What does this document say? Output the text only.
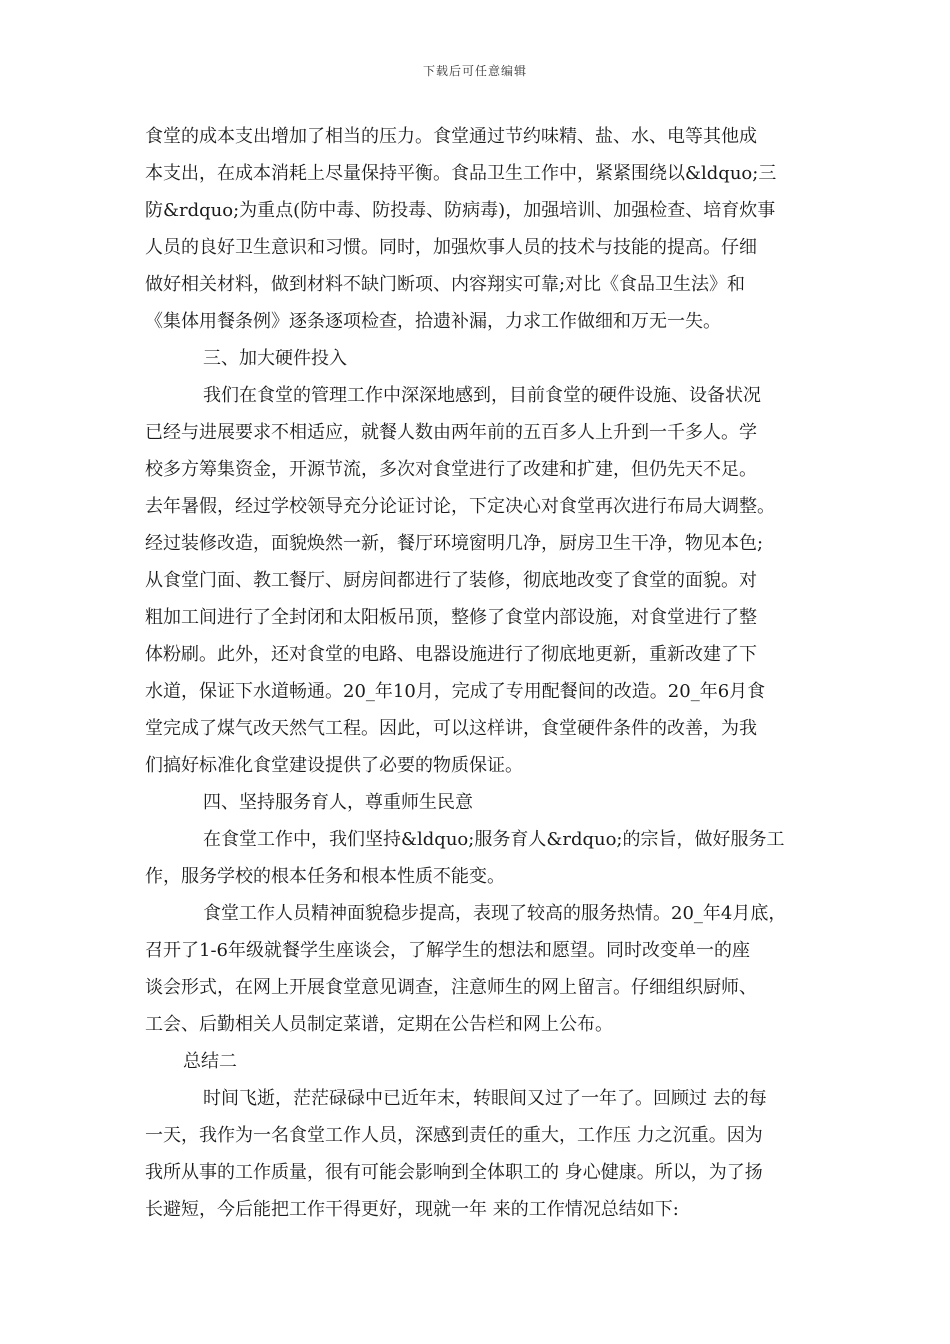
下载后可任意编辑
食堂的成本支出增加了相当的压力。食堂通过节约味精、盐、水、电等其他成
本支出，在成本消耗上尽量保持平衡。食品卫生工作中，紧紧围绕以&ldquo;三
防&rdquo;为重点(防中毒、防投毒、防病毒)，加强培训、加强检查、培育炊事
人员的良好卫生意识和习惯。同时，加强炊事人员的技术与技能的提高。仔细
做好相关材料，做到材料不缺门断项、内容翔实可靠;对比《食品卫生法》和
《集体用餐条例》逐条逐项检查，拾遗补漏，力求工作做细和万无一失。
三、加大硬件投入
我们在食堂的管理工作中深深地感到，目前食堂的硬件设施、设备状况
已经与进展要求不相适应，就餐人数由两年前的五百多人上升到一千多人。学
校多方筹集资金，开源节流，多次对食堂进行了改建和扩建，但仍先天不足。
去年暑假，经过学校领导充分论证讨论，下定决心对食堂再次进行布局大调整。
经过装修改造，面貌焕然一新，餐厅环境窗明几净，厨房卫生干净，物见本色;
从食堂门面、教工餐厅、厨房间都进行了装修，彻底地改变了食堂的面貌。对
粗加工间进行了全封闭和太阳板吊顶，整修了食堂内部设施，对食堂进行了整
体粉刷。此外，还对食堂的电路、电器设施进行了彻底地更新，重新改建了下
水道，保证下水道畅通。20_年10月，完成了专用配餐间的改造。20_年6月食
堂完成了煤气改天然气工程。因此，可以这样讲，食堂硬件条件的改善，为我
们搞好标准化食堂建设提供了必要的物质保证。
四、坚持服务育人，尊重师生民意
在食堂工作中，我们坚持&ldquo;服务育人&rdquo;的宗旨，做好服务工
作，服务学校的根本任务和根本性质不能变。
食堂工作人员精神面貌稳步提高，表现了较高的服务热情。20_年4月底，
召开了1-6年级就餐学生座谈会，了解学生的想法和愿望。同时改变单一的座
谈会形式，在网上开展食堂意见调查，注意师生的网上留言。仔细组织厨师、
工会、后勤相关人员制定菜谱，定期在公告栏和网上公布。
总结二
时间飞逝，茫茫碌碌中已近年末，转眼间又过了一年了。回顾过 去的每
一天，我作为一名食堂工作人员，深感到责任的重大，工作压 力之沉重。因为
我所从事的工作质量，很有可能会影响到全体职工的 身心健康。所以，为了扬
长避短，今后能把工作干得更好，现就一年 来的工作情况总结如下:
